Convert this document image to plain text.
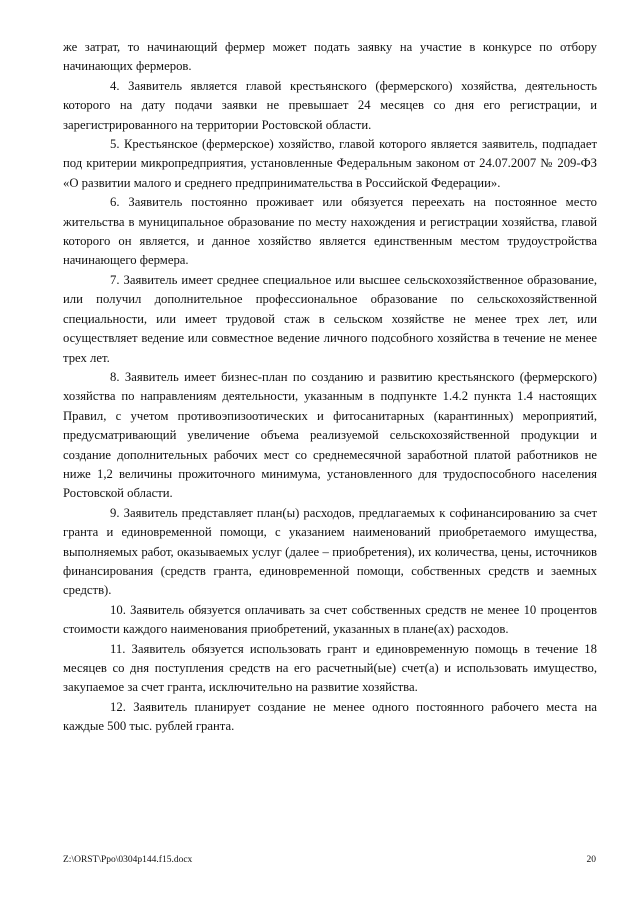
же затрат, то начинающий фермер может подать заявку на участие в конкурсе по отбору начинающих фермеров.

4. Заявитель является главой крестьянского (фермерского) хозяйства, деятельность которого на дату подачи заявки не превышает 24 месяцев со дня его регистрации, и зарегистрированного на территории Ростовской области.

5. Крестьянское (фермерское) хозяйство, главой которого является заявитель, подпадает под критерии микропредприятия, установленные Федеральным законом от 24.07.2007 № 209-ФЗ «О развитии малого и среднего предпринимательства в Российской Федерации».

6. Заявитель постоянно проживает или обязуется переехать на постоянное место жительства в муниципальное образование по месту нахождения и регистрации хозяйства, главой которого он является, и данное хозяйство является единственным местом трудоустройства начинающего фермера.

7. Заявитель имеет среднее специальное или высшее сельскохозяйственное образование, или получил дополнительное профессиональное образование по сельскохозяйственной специальности, или имеет трудовой стаж в сельском хозяйстве не менее трех лет, или осуществляет ведение или совместное ведение личного подсобного хозяйства в течение не менее трех лет.

8. Заявитель имеет бизнес-план по созданию и развитию крестьянского (фермерского) хозяйства по направлениям деятельности, указанным в подпункте 1.4.2 пункта 1.4 настоящих Правил, с учетом противоэпизоотических и фитосанитарных (карантинных) мероприятий, предусматривающий увеличение объема реализуемой сельскохозяйственной продукции и создание дополнительных рабочих мест со среднемесячной заработной платой работников не ниже 1,2 величины прожиточного минимума, установленного для трудоспособного населения Ростовской области.

9. Заявитель представляет план(ы) расходов, предлагаемых к софинансированию за счет гранта и единовременной помощи, с указанием наименований приобретаемого имущества, выполняемых работ, оказываемых услуг (далее – приобретения), их количества, цены, источников финансирования (средств гранта, единовременной помощи, собственных средств и заемных средств).

10. Заявитель обязуется оплачивать за счет собственных средств не менее 10 процентов стоимости каждого наименования приобретений, указанных в плане(ах) расходов.

11. Заявитель обязуется использовать грант и единовременную помощь в течение 18 месяцев со дня поступления средств на его расчетный(ые) счет(а) и использовать имущество, закупаемое за счет гранта, исключительно на развитие хозяйства.

12. Заявитель планирует создание не менее одного постоянного рабочего места на каждые 500 тыс. рублей гранта.

Z:\ORST\Ppo\0304p144.f15.docx	20
